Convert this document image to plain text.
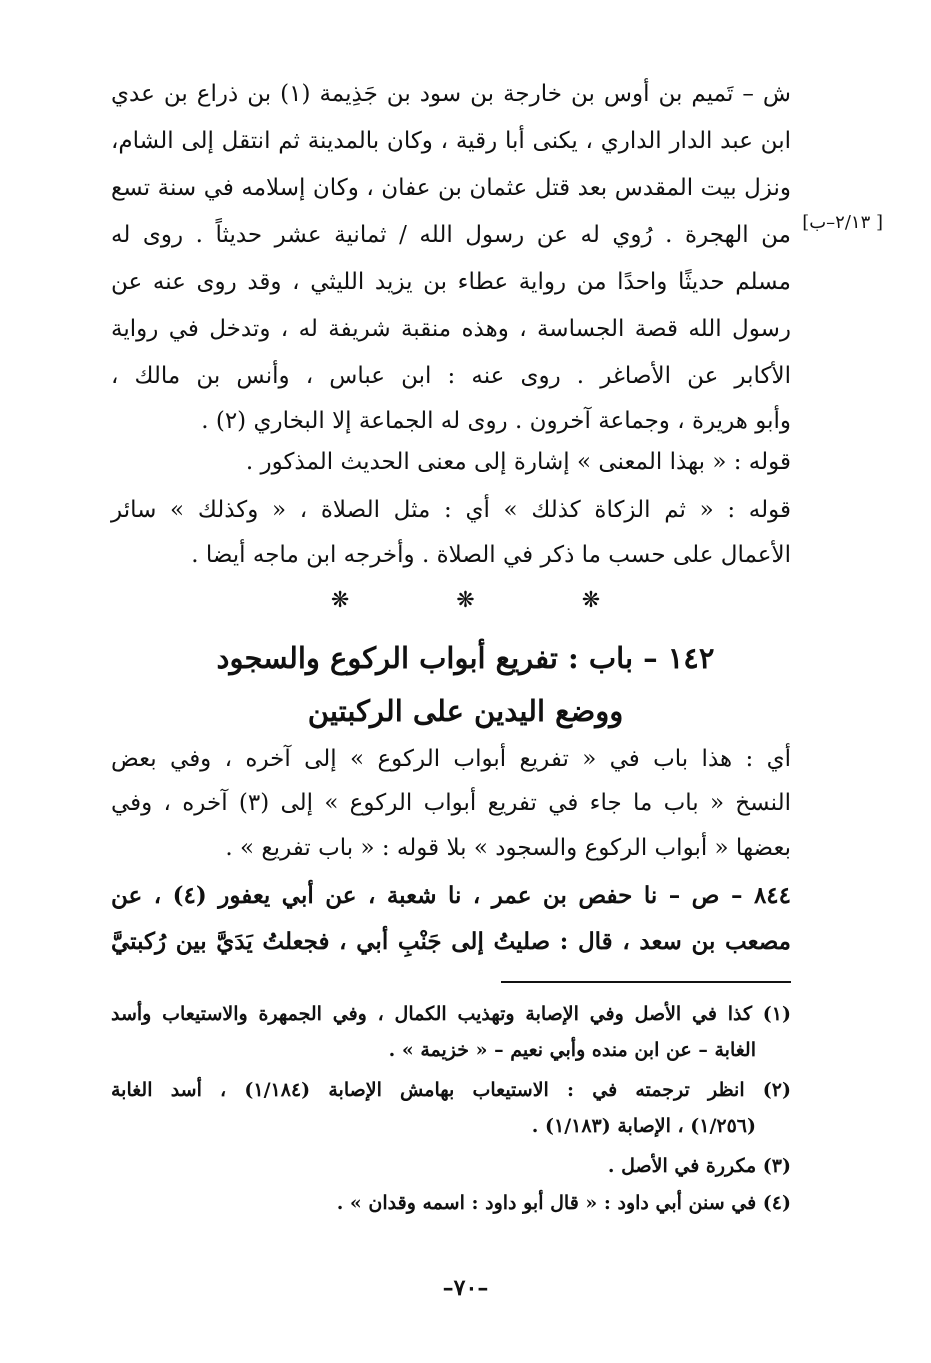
ش – تَميم بن أوس بن خارجة بن سود بن جَذِيمة (١) بن ذراع بن عدي
ابن عبد الدار الداري ، يكنى أبا رقية ، وكان بالمدينة ثم انتقل إلى الشام،
ونزل بيت المقدس بعد قتل عثمان بن عفان ، وكان إسلامه في سنة تسع
من الهجرة . رُوي له عن رسول الله / ثمانية عشر حديثاً . روى له
مسلم حديثًا واحدًا من رواية عطاء بن يزيد الليثي ، وقد روى عنه عن
رسول الله قصة الجساسة ، وهذه منقبة شريفة له ، وتدخل في رواية
الأكابر عن الأصاغر . روى عنه : ابن عباس ، وأنس بن مالك ،
وأبو هريرة ، وجماعة آخرون . روى له الجماعة إلا البخاري (٢) .
[ ٢/١٣–ب]
قوله : « بهذا المعنى » إشارة إلى معنى الحديث المذكور .
قوله : « ثم الزكاة كذلك » أي : مثل الصلاة ، « وكذلك » سائر
الأعمال على حسب ما ذكر في الصلاة . وأخرجه ابن ماجه أيضا .
❋ ❋ ❋
١٤٢ – باب : تفريع أبواب الركوع والسجود
ووضع اليدين على الركبتين
أي : هذا باب في « تفريع أبواب الركوع » إلى آخره ، وفي بعض
النسخ « باب ما جاء في تفريع أبواب الركوع » إلى (٣) آخره ، وفي
بعضها « أبواب الركوع والسجود » بلا قوله : « باب تفريع » .
٨٤٤ – ص – نا حفص بن عمر ، نا شعبة ، عن أبي يعفور (٤) ، عن
مصعب بن سعد ، قال : صليتُ إلى جَنْبِ أبي ، فجعلتُ يَدَيَّ بين رُكبتيَّ
(١) كذا في الأصل وفي الإصابة وتهذيب الكمال ، وفي الجمهرة والاستيعاب وأسد
الغابة – عن ابن منده وأبي نعيم – « خزيمة » .
(٢) انظر ترجمته في : الاستيعاب بهامش الإصابة (١/١٨٤) ، أسد الغابة
(١/٢٥٦) ، الإصابة (١/١٨٣) .
(٣) مكررة في الأصل .
(٤) في سنن أبي داود : « قال أبو داود : اسمه وقدان » .
–٧٠–
